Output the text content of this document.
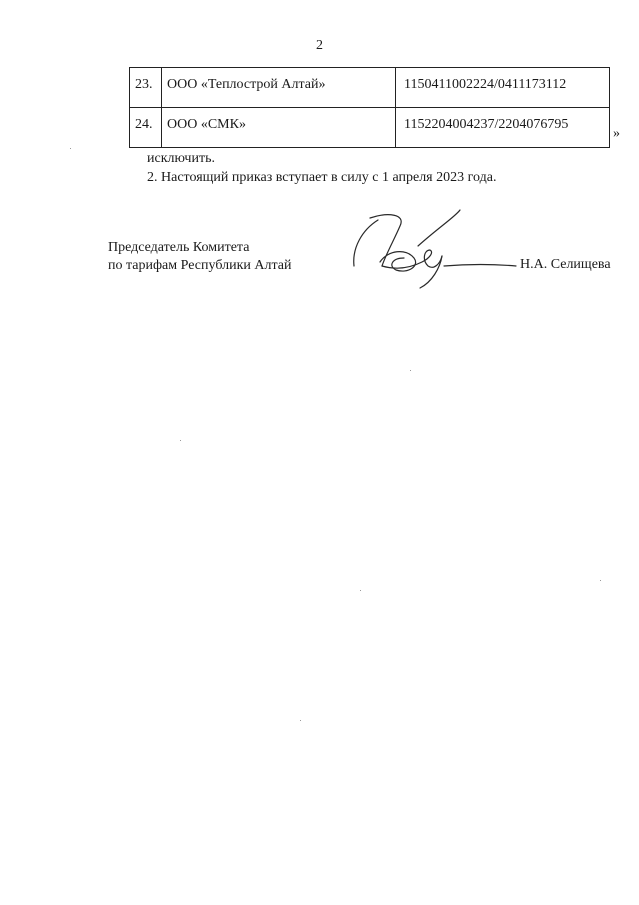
2
23.	ООО «Теплострой Алтай»	1150411002224/0411173112
24.	ООО «СМК»	1152204004237/2204076795
»
исключить.
2. Настоящий приказ вступает в силу с 1 апреля 2023 года.
Председатель Комитета
по тарифам Республики Алтай	Н.А. Селищева
